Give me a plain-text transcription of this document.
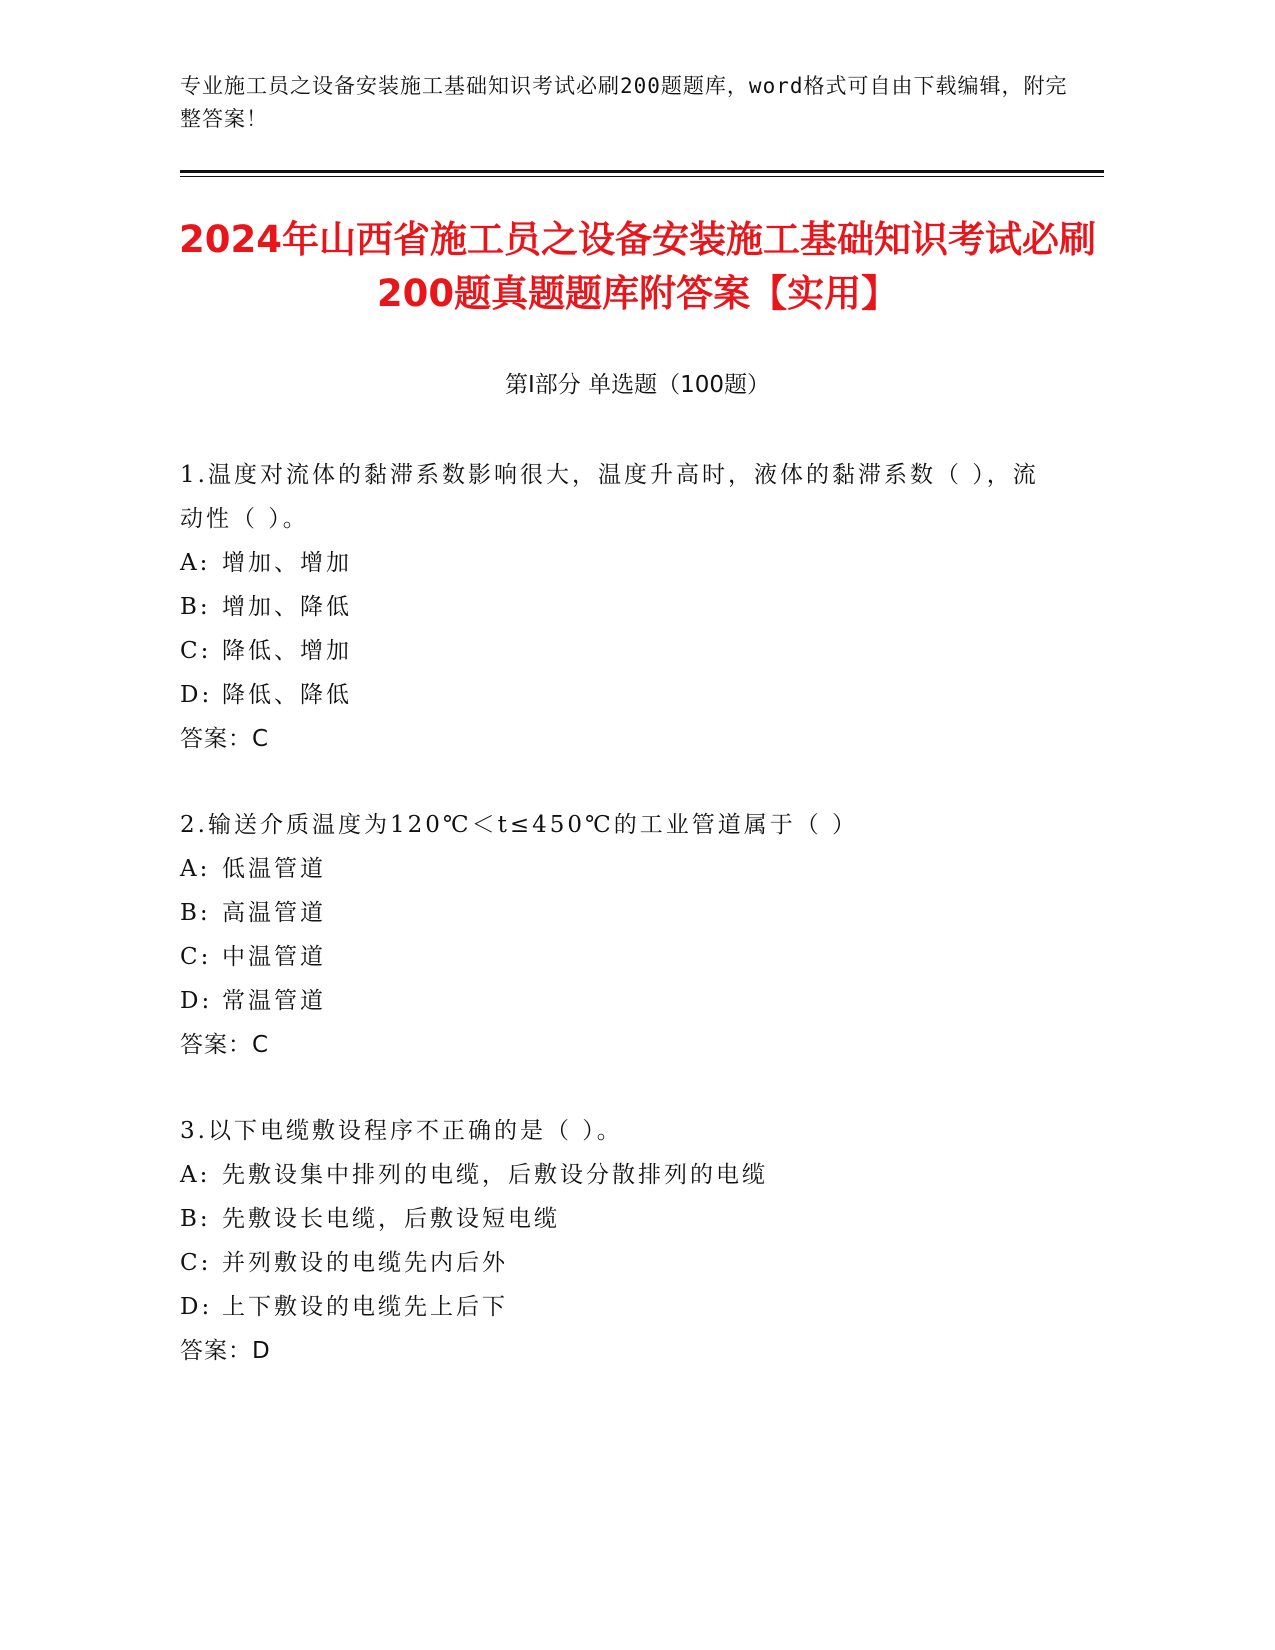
专业施工员之设备安装施工基础知识考试必刷200题题库，word格式可自由下载编辑，附完整答案！
2024年山西省施工员之设备安装施工基础知识考试必刷200题真题题库附答案【实用】
第Ⅰ部分 单选题（100题）

1.温度对流体的黏滞系数影响很大，温度升高时，液体的黏滞系数（ ），流动性（ ）。

A: 增加、增加

B: 增加、降低

C: 降低、增加

D: 降低、降低

答案：C

2.输送介质温度为120℃＜t≤450℃的工业管道属于（ ）

A: 低温管道

B: 高温管道

C: 中温管道

D: 常温管道

答案：C

3.以下电缆敷设程序不正确的是（ ）。

A: 先敷设集中排列的电缆，后敷设分散排列的电缆

B: 先敷设长电缆，后敷设短电缆

C: 并列敷设的电缆先内后外

D: 上下敷设的电缆先上后下

答案：D
